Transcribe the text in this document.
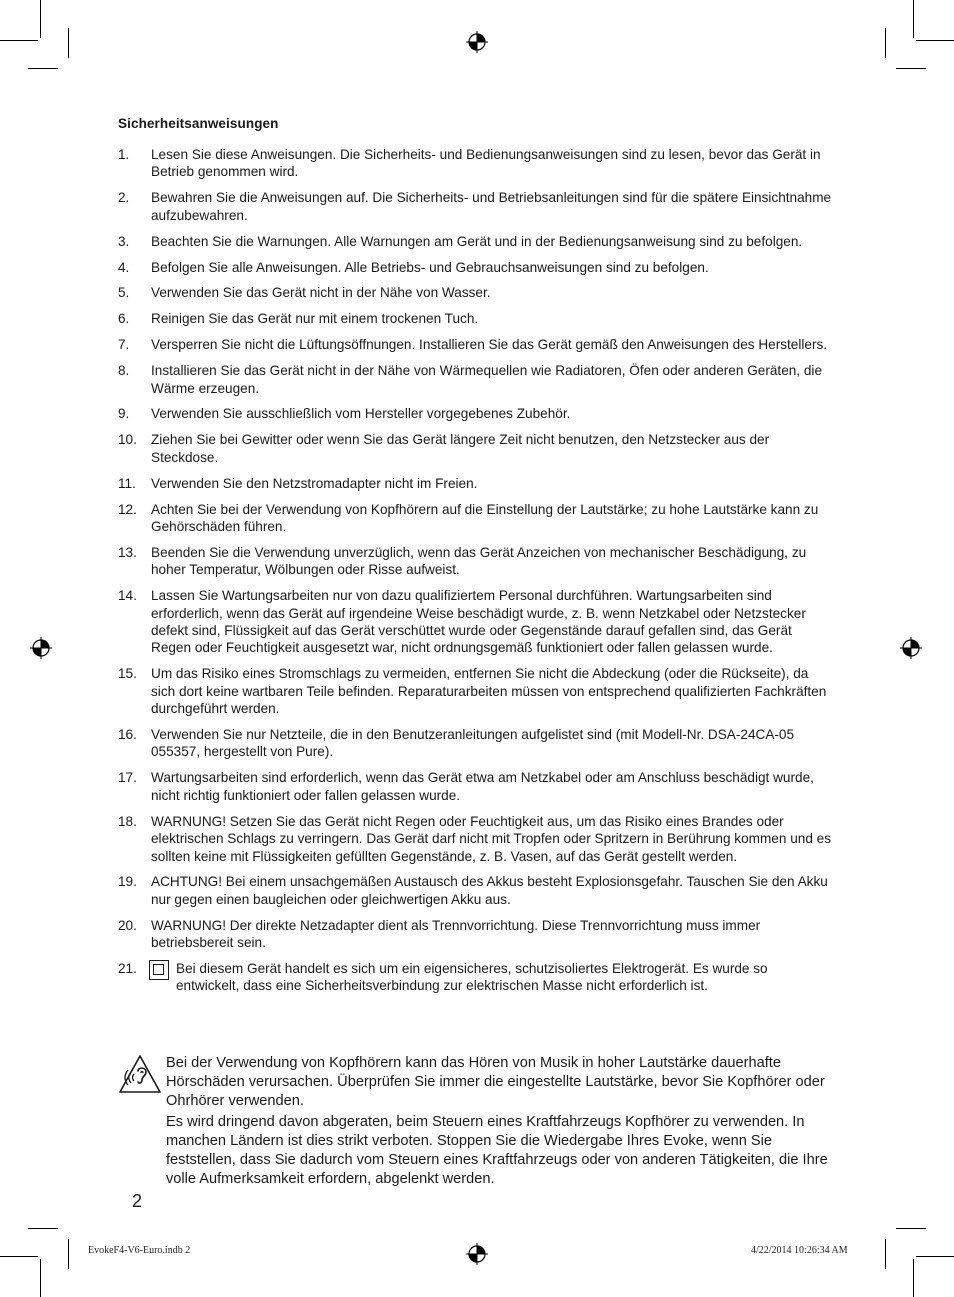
Sicherheitsanweisungen
1. Lesen Sie diese Anweisungen. Die Sicherheits- und Bedienungsanweisungen sind zu lesen, bevor das Gerät in Betrieb genommen wird.
2. Bewahren Sie die Anweisungen auf. Die Sicherheits- und Betriebsanleitungen sind für die spätere Einsichtnahme aufzubewahren.
3. Beachten Sie die Warnungen. Alle Warnungen am Gerät und in der Bedienungsanweisung sind zu befolgen.
4. Befolgen Sie alle Anweisungen. Alle Betriebs- und Gebrauchsanweisungen sind zu befolgen.
5. Verwenden Sie das Gerät nicht in der Nähe von Wasser.
6. Reinigen Sie das Gerät nur mit einem trockenen Tuch.
7. Versperren Sie nicht die Lüftungsöffnungen. Installieren Sie das Gerät gemäß den Anweisungen des Herstellers.
8. Installieren Sie das Gerät nicht in der Nähe von Wärmequellen wie Radiatoren, Öfen oder anderen Geräten, die Wärme erzeugen.
9. Verwenden Sie ausschließlich vom Hersteller vorgegebenes Zubehör.
10. Ziehen Sie bei Gewitter oder wenn Sie das Gerät längere Zeit nicht benutzen, den Netzstecker aus der Steckdose.
11. Verwenden Sie den Netzstromadapter nicht im Freien.
12. Achten Sie bei der Verwendung von Kopfhörern auf die Einstellung der Lautstärke; zu hohe Lautstärke kann zu Gehörschäden führen.
13. Beenden Sie die Verwendung unverzüglich, wenn das Gerät Anzeichen von mechanischer Beschädigung, zu hoher Temperatur, Wölbungen oder Risse aufweist.
14. Lassen Sie Wartungsarbeiten nur von dazu qualifiziertem Personal durchführen. Wartungsarbeiten sind erforderlich, wenn das Gerät auf irgendeine Weise beschädigt wurde, z. B. wenn Netzkabel oder Netzstecker defekt sind, Flüssigkeit auf das Gerät verschüttet wurde oder Gegenstände darauf gefallen sind, das Gerät Regen oder Feuchtigkeit ausgesetzt war, nicht ordnungsgemäß funktioniert oder fallen gelassen wurde.
15. Um das Risiko eines Stromschlags zu vermeiden, entfernen Sie nicht die Abdeckung (oder die Rückseite), da sich dort keine wartbaren Teile befinden. Reparaturarbeiten müssen von entsprechend qualifizierten Fachkräften durchgeführt werden.
16. Verwenden Sie nur Netzteile, die in den Benutzeranleitungen aufgelistet sind (mit Modell-Nr. DSA-24CA-05 055357, hergestellt von Pure).
17. Wartungsarbeiten sind erforderlich, wenn das Gerät etwa am Netzkabel oder am Anschluss beschädigt wurde, nicht richtig funktioniert oder fallen gelassen wurde.
18. WARNUNG! Setzen Sie das Gerät nicht Regen oder Feuchtigkeit aus, um das Risiko eines Brandes oder elektrischen Schlags zu verringern. Das Gerät darf nicht mit Tropfen oder Spritzern in Berührung kommen und es sollten keine mit Flüssigkeiten gefüllten Gegenstände, z. B. Vasen, auf das Gerät gestellt werden.
19. ACHTUNG! Bei einem unsachgemäßen Austausch des Akkus besteht Explosionsgefahr. Tauschen Sie den Akku nur gegen einen baugleichen oder gleichwertigen Akku aus.
20. WARNUNG! Der direkte Netzadapter dient als Trennvorrichtung. Diese Trennvorrichtung muss immer betriebsbereit sein.
21.	Bei diesem Gerät handelt es sich um ein eigensicheres, schutzisoliertes Elektrogerät. Es wurde so entwickelt, dass eine Sicherheitsverbindung zur elektrischen Masse nicht erforderlich ist.

Bei der Verwendung von Kopfhörern kann das Hören von Musik in hoher Lautstärke dauerhafte Hörschäden verursachen. Überprüfen Sie immer die eingestellte Lautstärke, bevor Sie Kopfhörer oder Ohrhörer verwenden.

Es wird dringend davon abgeraten, beim Steuern eines Kraftfahrzeugs Kopfhörer zu verwenden. In manchen Ländern ist dies strikt verboten. Stoppen Sie die Wiedergabe Ihres Evoke, wenn Sie feststellen, dass Sie dadurch vom Steuern eines Kraftfahrzeugs oder von anderen Tätigkeiten, die Ihre volle Aufmerksamkeit erfordern, abgelenkt werden.

2
EvokeF4-V6-Euro.indb 2	4/22/2014 10:26:34 AM
